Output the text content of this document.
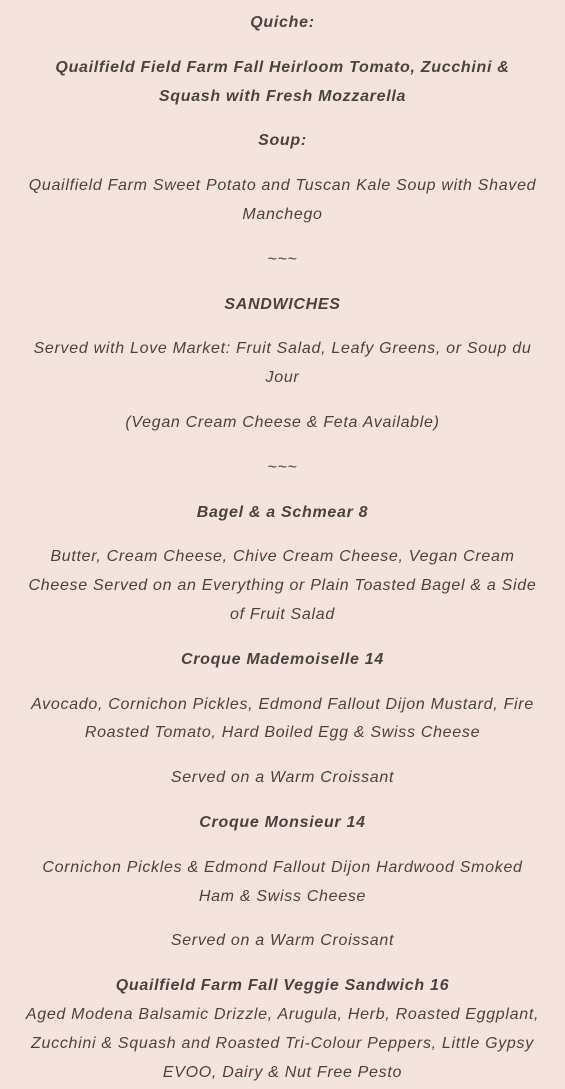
Quiche:

Quailfield Field Farm Fall Heirloom Tomato, Zucchini & Squash with Fresh Mozzarella

Soup:

Quailfield Farm Sweet Potato and Tuscan Kale Soup with Shaved Manchego

~~~

SANDWICHES

Served with Love Market: Fruit Salad, Leafy Greens, or Soup du Jour

(Vegan Cream Cheese & Feta Available)

~~~

Bagel & a Schmear 8

Butter, Cream Cheese, Chive Cream Cheese, Vegan Cream Cheese Served on an Everything or Plain Toasted Bagel & a Side of Fruit Salad

Croque Mademoiselle 14

Avocado, Cornichon Pickles, Edmond Fallout Dijon Mustard, Fire Roasted Tomato, Hard Boiled Egg & Swiss Cheese

Served on a Warm Croissant

Croque Monsieur 14

Cornichon Pickles & Edmond Fallout Dijon Hardwood Smoked Ham & Swiss Cheese

Served on a Warm Croissant

Quailfield Farm Fall Veggie Sandwich 16

Aged Modena Balsamic Drizzle, Arugula, Herb, Roasted Eggplant, Zucchini & Squash and Roasted Tri-Colour Peppers, Little Gypsy EVOO, Dairy & Nut Free Pesto
